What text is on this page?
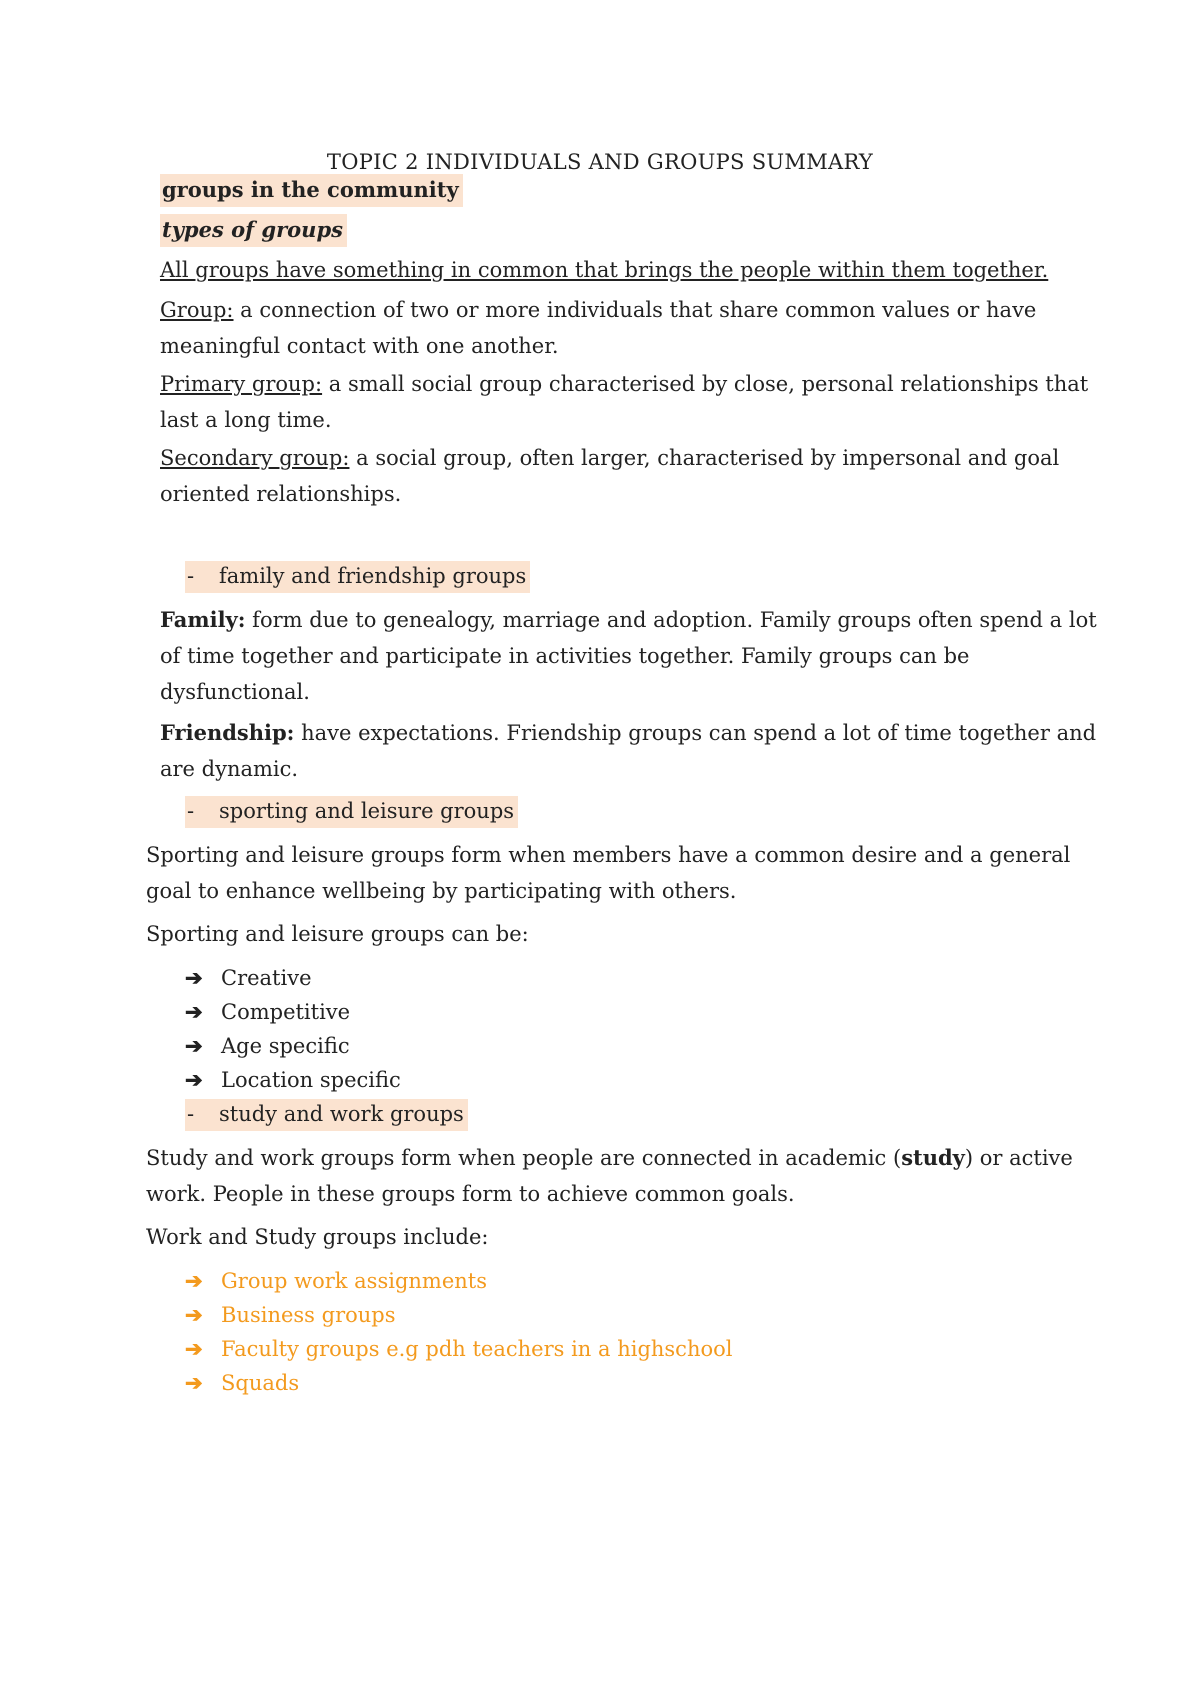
TOPIC 2 INDIVIDUALS AND GROUPS SUMMARY
groups in the community
types of groups
All groups have something in common that brings the people within them together.
Group: a connection of two or more individuals that share common values or have
meaningful contact with one another.
Primary group: a small social group characterised by close, personal relationships that
last a long time.
Secondary group: a social group, often larger, characterised by impersonal and goal
oriented relationships.
- family and friendship groups
Family: form due to genealogy, marriage and adoption. Family groups often spend a lot
of time together and participate in activities together. Family groups can be
dysfunctional.
Friendship: have expectations. Friendship groups can spend a lot of time together and
are dynamic.
- sporting and leisure groups
Sporting and leisure groups form when members have a common desire and a general
goal to enhance wellbeing by participating with others.
Sporting and leisure groups can be:
➔ Creative
➔ Competitive
➔ Age specific
➔ Location specific
- study and work groups
Study and work groups form when people are connected in academic (study) or active
work. People in these groups form to achieve common goals.
Work and Study groups include:
➔ Group work assignments
➔ Business groups
➔ Faculty groups e.g pdh teachers in a highschool
➔ Squads
